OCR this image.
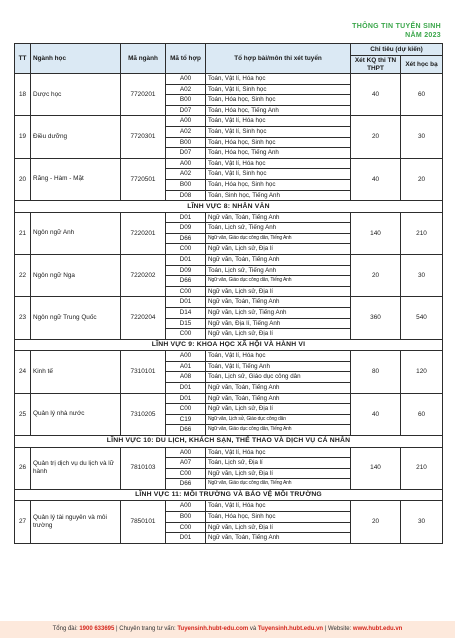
THÔNG TIN TUYỂN SINH
NĂM 2023
TT	Ngành học	Mã ngành	Mã tổ hợp	Tổ hợp bài/môn thi xét tuyển	Chỉ tiêu (dự kiến)	
					Xét KQ thi TN THPT	Xét học bạ
18	Dược học	7720201	A00	Toán, Vật lí, Hóa học	40	60
			A02	Toán, Vật lí, Sinh học		
			B00	Toán, Hóa học, Sinh học		
			D07	Toán, Hóa học, Tiếng Anh		
19	Điều dưỡng	7720301	A00	Toán, Vật lí, Hóa học	20	30
			A02	Toán, Vật lí, Sinh học		
			B00	Toán, Hóa học, Sinh học		
			D07	Toán, Hóa học, Tiếng Anh		
20	Răng - Hàm - Mặt	7720501	A00	Toán, Vật lí, Hóa học	40	20
			A02	Toán, Vật lí, Sinh học		
			B00	Toán, Hóa học, Sinh học		
			D08	Toán, Sinh học, Tiếng Anh		
LĨNH VỰC 8: NHÂN VĂN						
21	Ngôn ngữ Anh	7220201	D01	Ngữ văn, Toán, Tiếng Anh	140	210
			D09	Toán, Lịch sử, Tiếng Anh		
			D66	Ngữ văn, Giáo dục công dân, Tiếng Anh		
			C00	Ngữ văn, Lịch sử, Địa lí		
22	Ngôn ngữ Nga	7220202	D01	Ngữ văn, Toán, Tiếng Anh	20	30
			D09	Toán, Lịch sử, Tiếng Anh		
			D66	Ngữ văn, Giáo dục công dân, Tiếng Anh		
			C00	Ngữ văn, Lịch sử, Địa lí		
23	Ngôn ngữ Trung Quốc	7220204	D01	Ngữ văn, Toán, Tiếng Anh	360	540
			D14	Ngữ văn, Lịch sử, Tiếng Anh		
			D15	Ngữ văn, Địa lí, Tiếng Anh		
			C00	Ngữ văn, Lịch sử, Địa lí		
LĨNH VỰC 9: KHOA HỌC XÃ HỘI VÀ HÀNH VI						
24	Kinh tế	7310101	A00	Toán, Vật lí, Hóa học	80	120
			A01	Toán, Vật lí, Tiếng Anh		
			A08	Toán, Lịch sử, Giáo dục công dân		
			D01	Ngữ văn, Toán, Tiếng Anh		
25	Quản lý nhà nước	7310205	D01	Ngữ văn, Toán, Tiếng Anh	40	60
			C00	Ngữ văn, Lịch sử, Địa lí		
			C19	Ngữ văn, Lịch sử, Giáo dục công dân		
			D66	Ngữ văn, Giáo dục công dân, Tiếng Anh		
LĨNH VỰC 10: DU LỊCH, KHÁCH SẠN, THỂ THAO VÀ DỊCH VỤ CÁ NHÂN						
26	Quản trị dịch vụ du lịch và lữ hành	7810103	A00	Toán, Vật lí, Hóa học	140	210
			A07	Toán, Lịch sử, Địa lí		
			C00	Ngữ văn, Lịch sử, Địa lí		
			D66	Ngữ văn, Giáo dục công dân, Tiếng Anh		
LĨNH VỰC 11: MÔI TRƯỜNG VÀ BẢO VỆ MÔI TRƯỜNG						
27	Quản lý tài nguyên và môi trường	7850101	A00	Toán, Vật lí, Hóa học	20	30
			B00	Toán, Hóa học, Sinh học		
			C00	Ngữ văn, Lịch sử, Địa lí		
			D01	Ngữ văn, Toán, Tiếng Anh		
Tổng đài: 1900 633695 | Chuyên trang tư vấn: Tuyensinh.hubt-edu.com và Tuyensinh.hubt.edu.vn | Website: www.hubt.edu.vn
